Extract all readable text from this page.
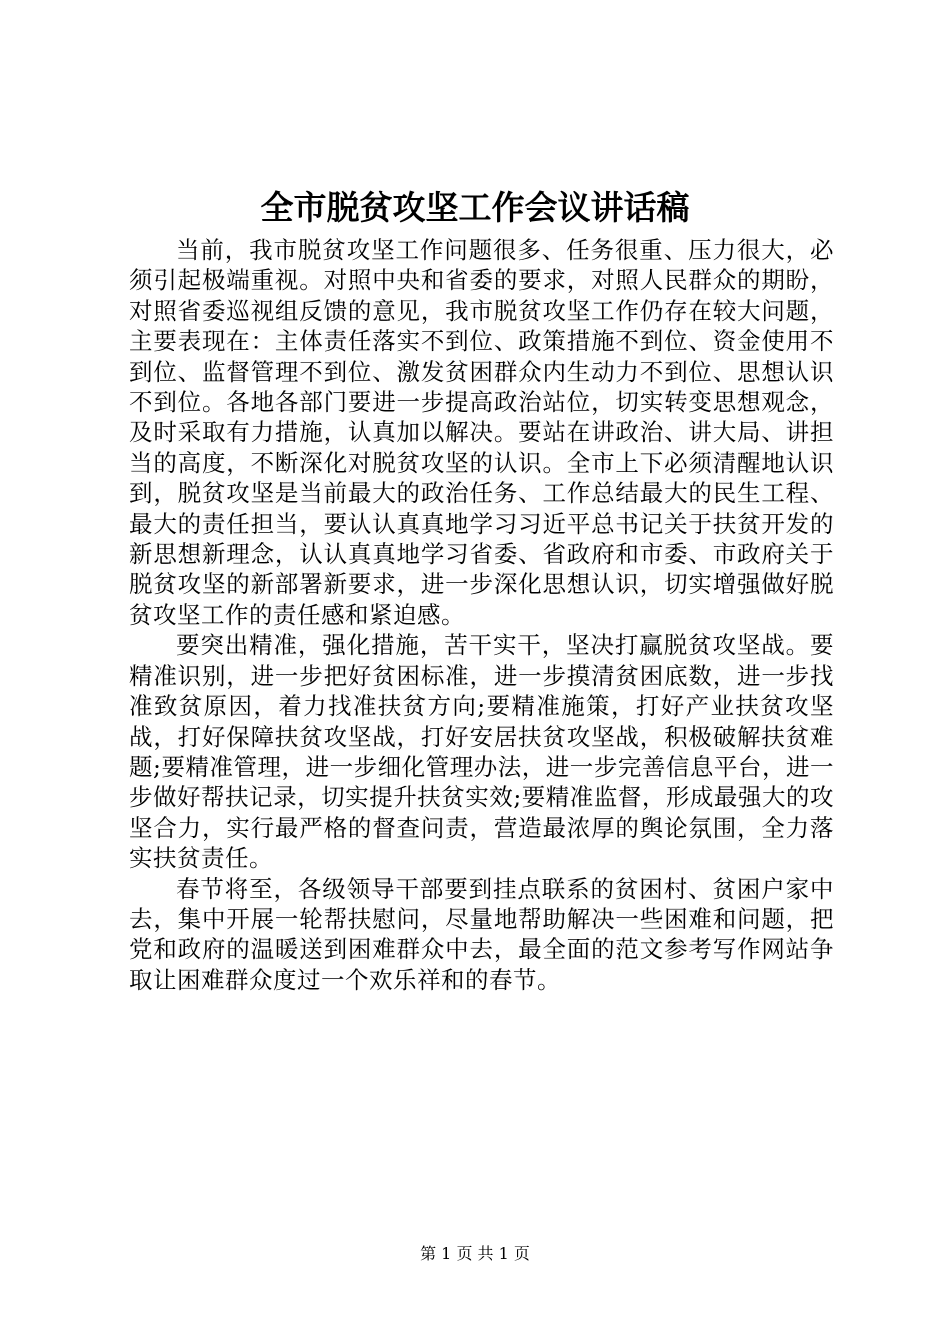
全市脱贫攻坚工作会议讲话稿

当前，我市脱贫攻坚工作问题很多、任务很重、压力很大，必须引起极端重视。对照中央和省委的要求，对照人民群众的期盼，对照省委巡视组反馈的意见，我市脱贫攻坚工作仍存在较大问题，主要表现在：主体责任落实不到位、政策措施不到位、资金使用不到位、监督管理不到位、激发贫困群众内生动力不到位、思想认识不到位。各地各部门要进一步提高政治站位，切实转变思想观念，及时采取有力措施，认真加以解决。要站在讲政治、讲大局、讲担当的高度，不断深化对脱贫攻坚的认识。全市上下必须清醒地认识到，脱贫攻坚是当前最大的政治任务、工作总结最大的民生工程、最大的责任担当，要认认真真地学习习近平总书记关于扶贫开发的新思想新理念，认认真真地学习省委、省政府和市委、市政府关于脱贫攻坚的新部署新要求，进一步深化思想认识，切实增强做好脱贫攻坚工作的责任感和紧迫感。

要突出精准，强化措施，苦干实干，坚决打赢脱贫攻坚战。要精准识别，进一步把好贫困标准，进一步摸清贫困底数，进一步找准致贫原因，着力找准扶贫方向;要精准施策，打好产业扶贫攻坚战，打好保障扶贫攻坚战，打好安居扶贫攻坚战，积极破解扶贫难题;要精准管理，进一步细化管理办法，进一步完善信息平台，进一步做好帮扶记录，切实提升扶贫实效;要精准监督，形成最强大的攻坚合力，实行最严格的督查问责，营造最浓厚的舆论氛围，全力落实扶贫责任。

春节将至，各级领导干部要到挂点联系的贫困村、贫困户家中去，集中开展一轮帮扶慰问，尽量地帮助解决一些困难和问题，把党和政府的温暖送到困难群众中去，最全面的范文参考写作网站争取让困难群众度过一个欢乐祥和的春节。

第 1 页 共 1 页
